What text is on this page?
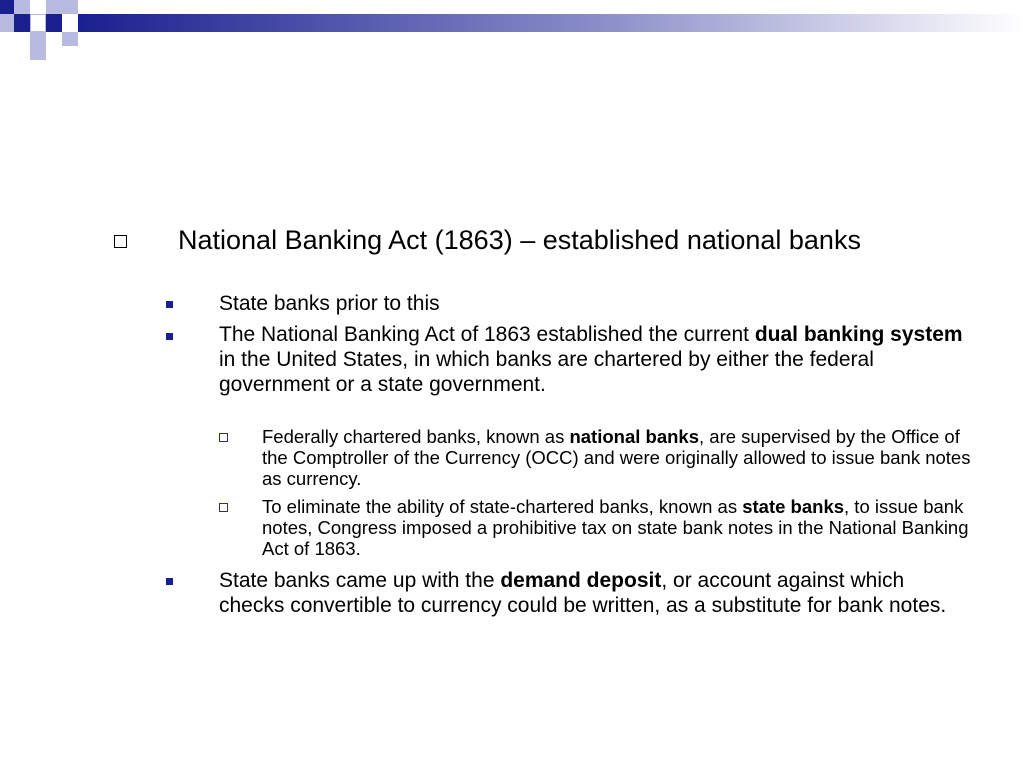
National Banking Act (1863) – established national banks
State banks prior to this
The National Banking Act of 1863 established the current dual banking system in the United States, in which banks are chartered by either the federal government or a state government.
Federally chartered banks, known as national banks, are supervised by the Office of the Comptroller of the Currency (OCC) and were originally allowed to issue bank notes as currency.
To eliminate the ability of state-chartered banks, known as state banks, to issue bank notes, Congress imposed a prohibitive tax on state bank notes in the National Banking Act of 1863.
State banks came up with the demand deposit, or account against which checks convertible to currency could be written, as a substitute for bank notes.
